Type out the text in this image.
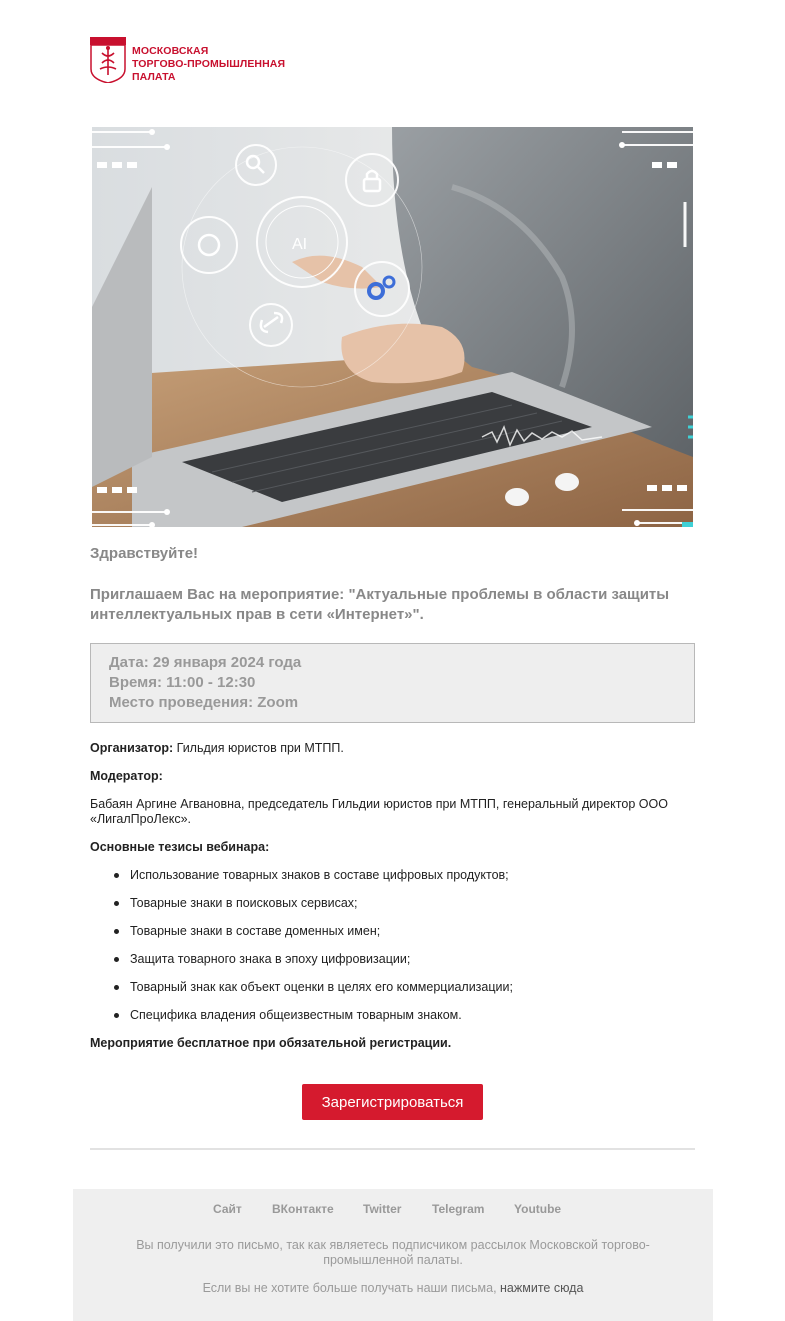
МОСКОВСКАЯ
ТОРГОВО-ПРОМЫШЛЕННАЯ
ПАЛАТА
AI
Здравствуйте!
Приглашаем Вас на мероприятие: "Актуальные проблемы в области защиты интеллектуальных прав в сети «Интернет»".
Дата: 29 января 2024 года
Время: 11:00 - 12:30
Место проведения: Zoom
Организатор: Гильдия юристов при МТПП.
Модератор:
Бабаян Аргине Агвановна, председатель Гильдии юристов при МТПП, генеральный директор ООО «ЛигалПроЛекс».
Основные тезисы вебинара:
Использование товарных знаков в составе цифровых продуктов;
Товарные знаки в поисковых сервисах;
Товарные знаки в составе доменных имен;
Защита товарного знака в эпоху цифровизации;
Товарный знак как объект оценки в целях его коммерциализации;
Специфика владения общеизвестным товарным знаком.
Мероприятие бесплатное при обязательной регистрации.
Зарегистрироваться
Сайт	ВКонтакте Twitter	Telegram Youtube
Вы получили это письмо, так как являетесь подписчиком рассылок Московской торгово-промышленной палаты.
Если вы не хотите больше получать наши письма, нажмите сюда
